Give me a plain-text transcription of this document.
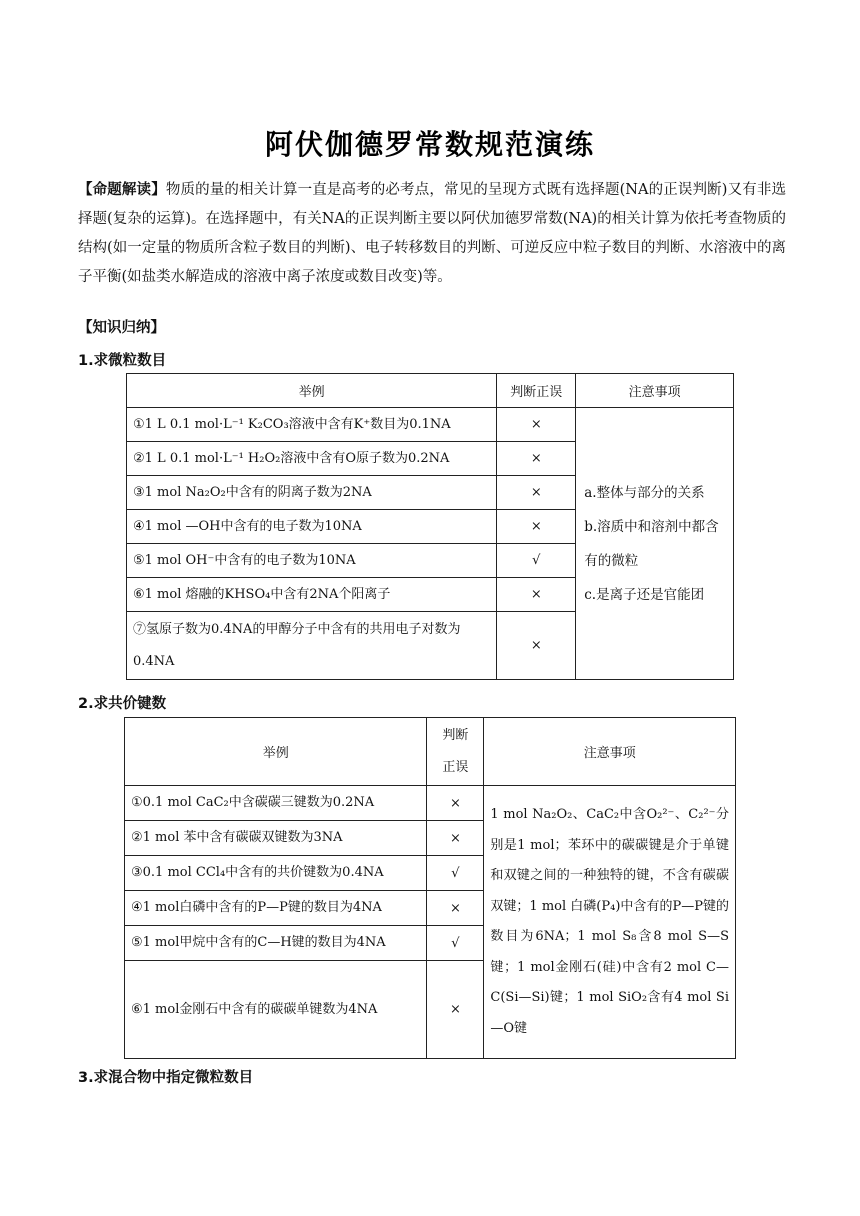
阿伏伽德罗常数规范演练
【命题解读】物质的量的相关计算一直是高考的必考点，常见的呈现方式既有选择题(NA的正误判断)又有非选择题(复杂的运算)。在选择题中，有关NA的正误判断主要以阿伏加德罗常数(NA)的相关计算为依托考查物质的结构(如一定量的物质所含粒子数目的判断)、电子转移数目的判断、可逆反应中粒子数目的判断、水溶液中的离子平衡(如盐类水解造成的溶液中离子浓度或数目改变)等。
【知识归纳】
1.求微粒数目
举例	判断正误	注意事项
①1 L 0.1 mol·L⁻¹ K₂CO₃溶液中含有K⁺数目为0.1NA	×	a.整体与部分的关系
b.溶质中和溶剂中都含有的微粒
c.是离子还是官能团

②1 L 0.1 mol·L⁻¹ H₂O₂溶液中含有O原子数为0.2NA	×	
③1 mol Na₂O₂中含有的阴离子数为2NA	×	
④1 mol —OH中含有的电子数为10NA	×	
⑤1 mol OH⁻中含有的电子数为10NA	√	
⑥1 mol 熔融的KHSO₄中含有2NA个阳离子	×	
⑦氢原子数为0.4NA的甲醇分子中含有的共用电子对数为0.4NA	×	
2.求共价键数
举例	判断正误	注意事项
①0.1 mol CaC₂中含碳碳三键数为0.2NA	×	1 mol Na₂O₂、CaC₂中含O₂²⁻、C₂²⁻分别是1 mol；苯环中的碳碳键是介于单键和双键之间的一种独特的键，不含有碳碳双键；1 mol 白磷(P₄)中含有的P—P键的数目为6NA；1 mol S₈含8 mol S—S键；1 mol金刚石(硅)中含有2 mol C—C(Si—Si)键；1 mol SiO₂含有4 mol Si—O键
②1 mol 苯中含有碳碳双键数为3NA	×	
③0.1 mol CCl₄中含有的共价键数为0.4NA	√	
④1 mol白磷中含有的P—P键的数目为4NA	×	
⑤1 mol甲烷中含有的C—H键的数目为4NA	√	
⑥1 mol金刚石中含有的碳碳单键数为4NA	×	
3.求混合物中指定微粒数目
